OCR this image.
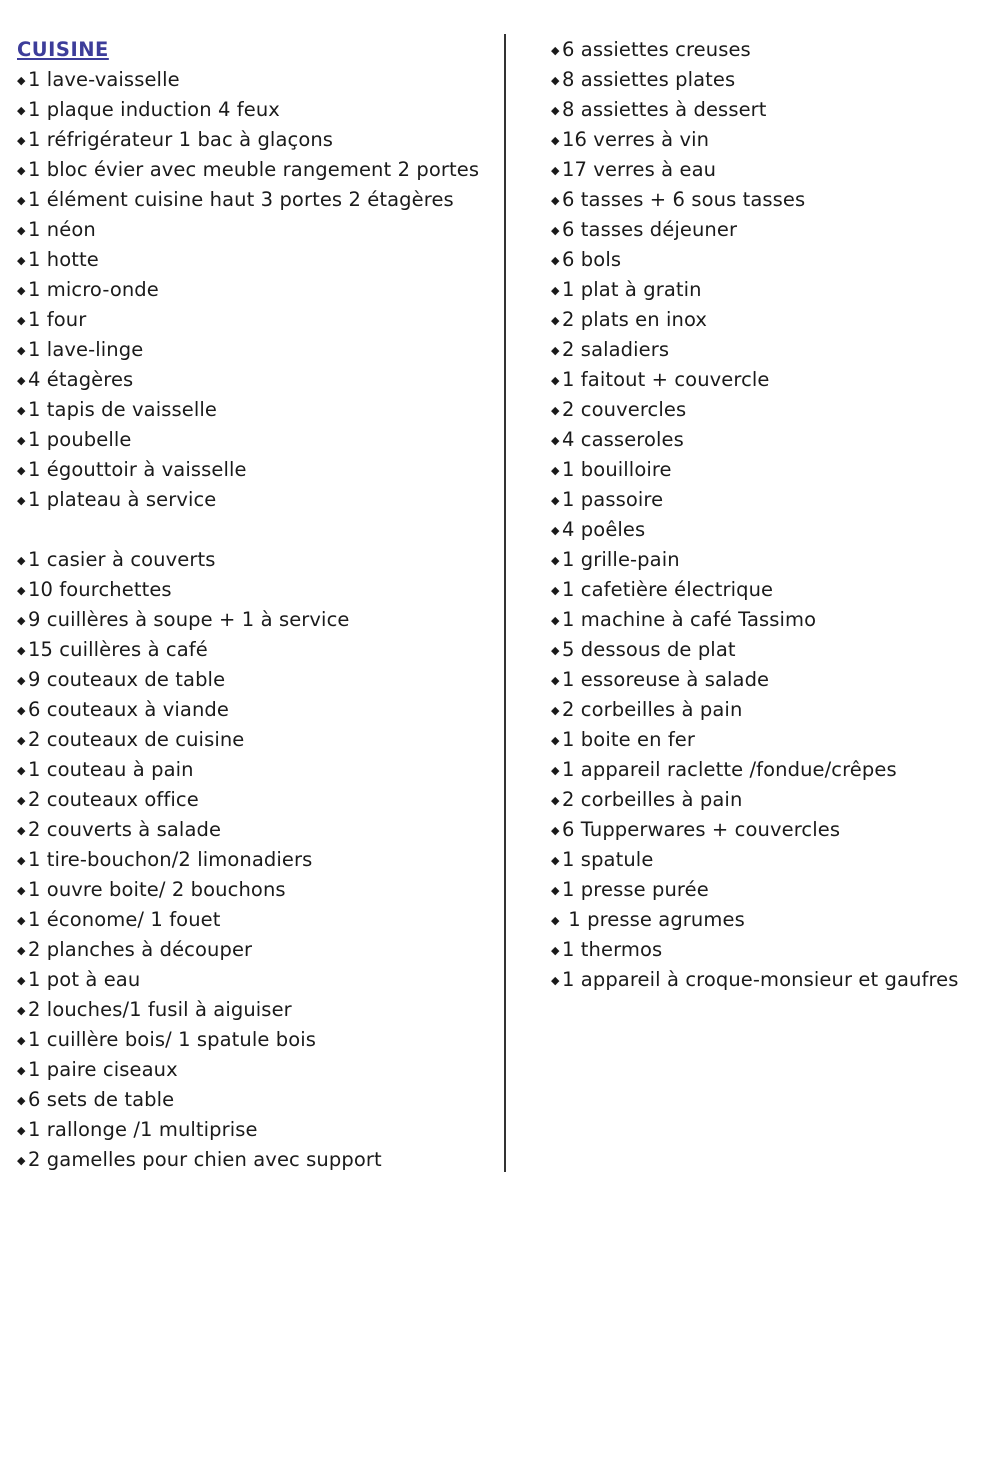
CUISINE
◆ 1 lave-vaisselle
◆ 1 plaque induction 4 feux
◆ 1 réfrigérateur 1 bac à glaçons
◆ 1 bloc évier avec meuble rangement 2 portes
◆ 1 élément cuisine haut 3 portes 2 étagères
◆ 1 néon
◆ 1 hotte
◆ 1 micro-onde
◆ 1 four
◆ 1 lave-linge
◆ 4 étagères
◆ 1 tapis de vaisselle
◆ 1 poubelle
◆ 1 égouttoir à vaisselle
◆ 1 plateau à service
◆ 1 casier à couverts
◆ 10 fourchettes
◆ 9 cuillères à soupe + 1 à service
◆ 15 cuillères à café
◆ 9 couteaux de table
◆ 6 couteaux à viande
◆ 2 couteaux de cuisine
◆ 1 couteau à pain
◆ 2 couteaux office
◆ 2 couverts à salade
◆ 1 tire-bouchon/2 limonadiers
◆ 1 ouvre boite/ 2 bouchons
◆ 1 économe/ 1 fouet
◆ 2 planches à découper
◆ 1 pot à eau
◆ 2 louches/1 fusil à aiguiser
◆ 1 cuillère bois/ 1 spatule bois
◆ 1 paire ciseaux
◆ 6 sets de table
◆ 1 rallonge /1 multiprise
◆ 2 gamelles pour chien avec support
◆ 6 assiettes creuses
◆ 8 assiettes plates
◆ 8 assiettes à dessert
◆ 16 verres à vin
◆ 17 verres à eau
◆ 6 tasses + 6 sous tasses
◆ 6 tasses déjeuner
◆ 6 bols
◆ 1 plat à gratin
◆ 2 plats en inox
◆ 2 saladiers
◆ 1 faitout + couvercle
◆ 2 couvercles
◆ 4 casseroles
◆ 1 bouilloire
◆ 1 passoire
◆ 4 poêles
◆ 1 grille-pain
◆ 1 cafetière électrique
◆ 1 machine à café Tassimo
◆ 5 dessous de plat
◆ 1 essoreuse à salade
◆ 2 corbeilles à pain
◆ 1 boite en fer
◆ 1 appareil raclette /fondue/crêpes
◆ 2 corbeilles à pain
◆ 6 Tupperwares + couvercles
◆ 1 spatule
◆ 1 presse purée
◆ 1 presse agrumes
◆ 1 thermos
◆ 1 appareil à croque-monsieur et gaufres
